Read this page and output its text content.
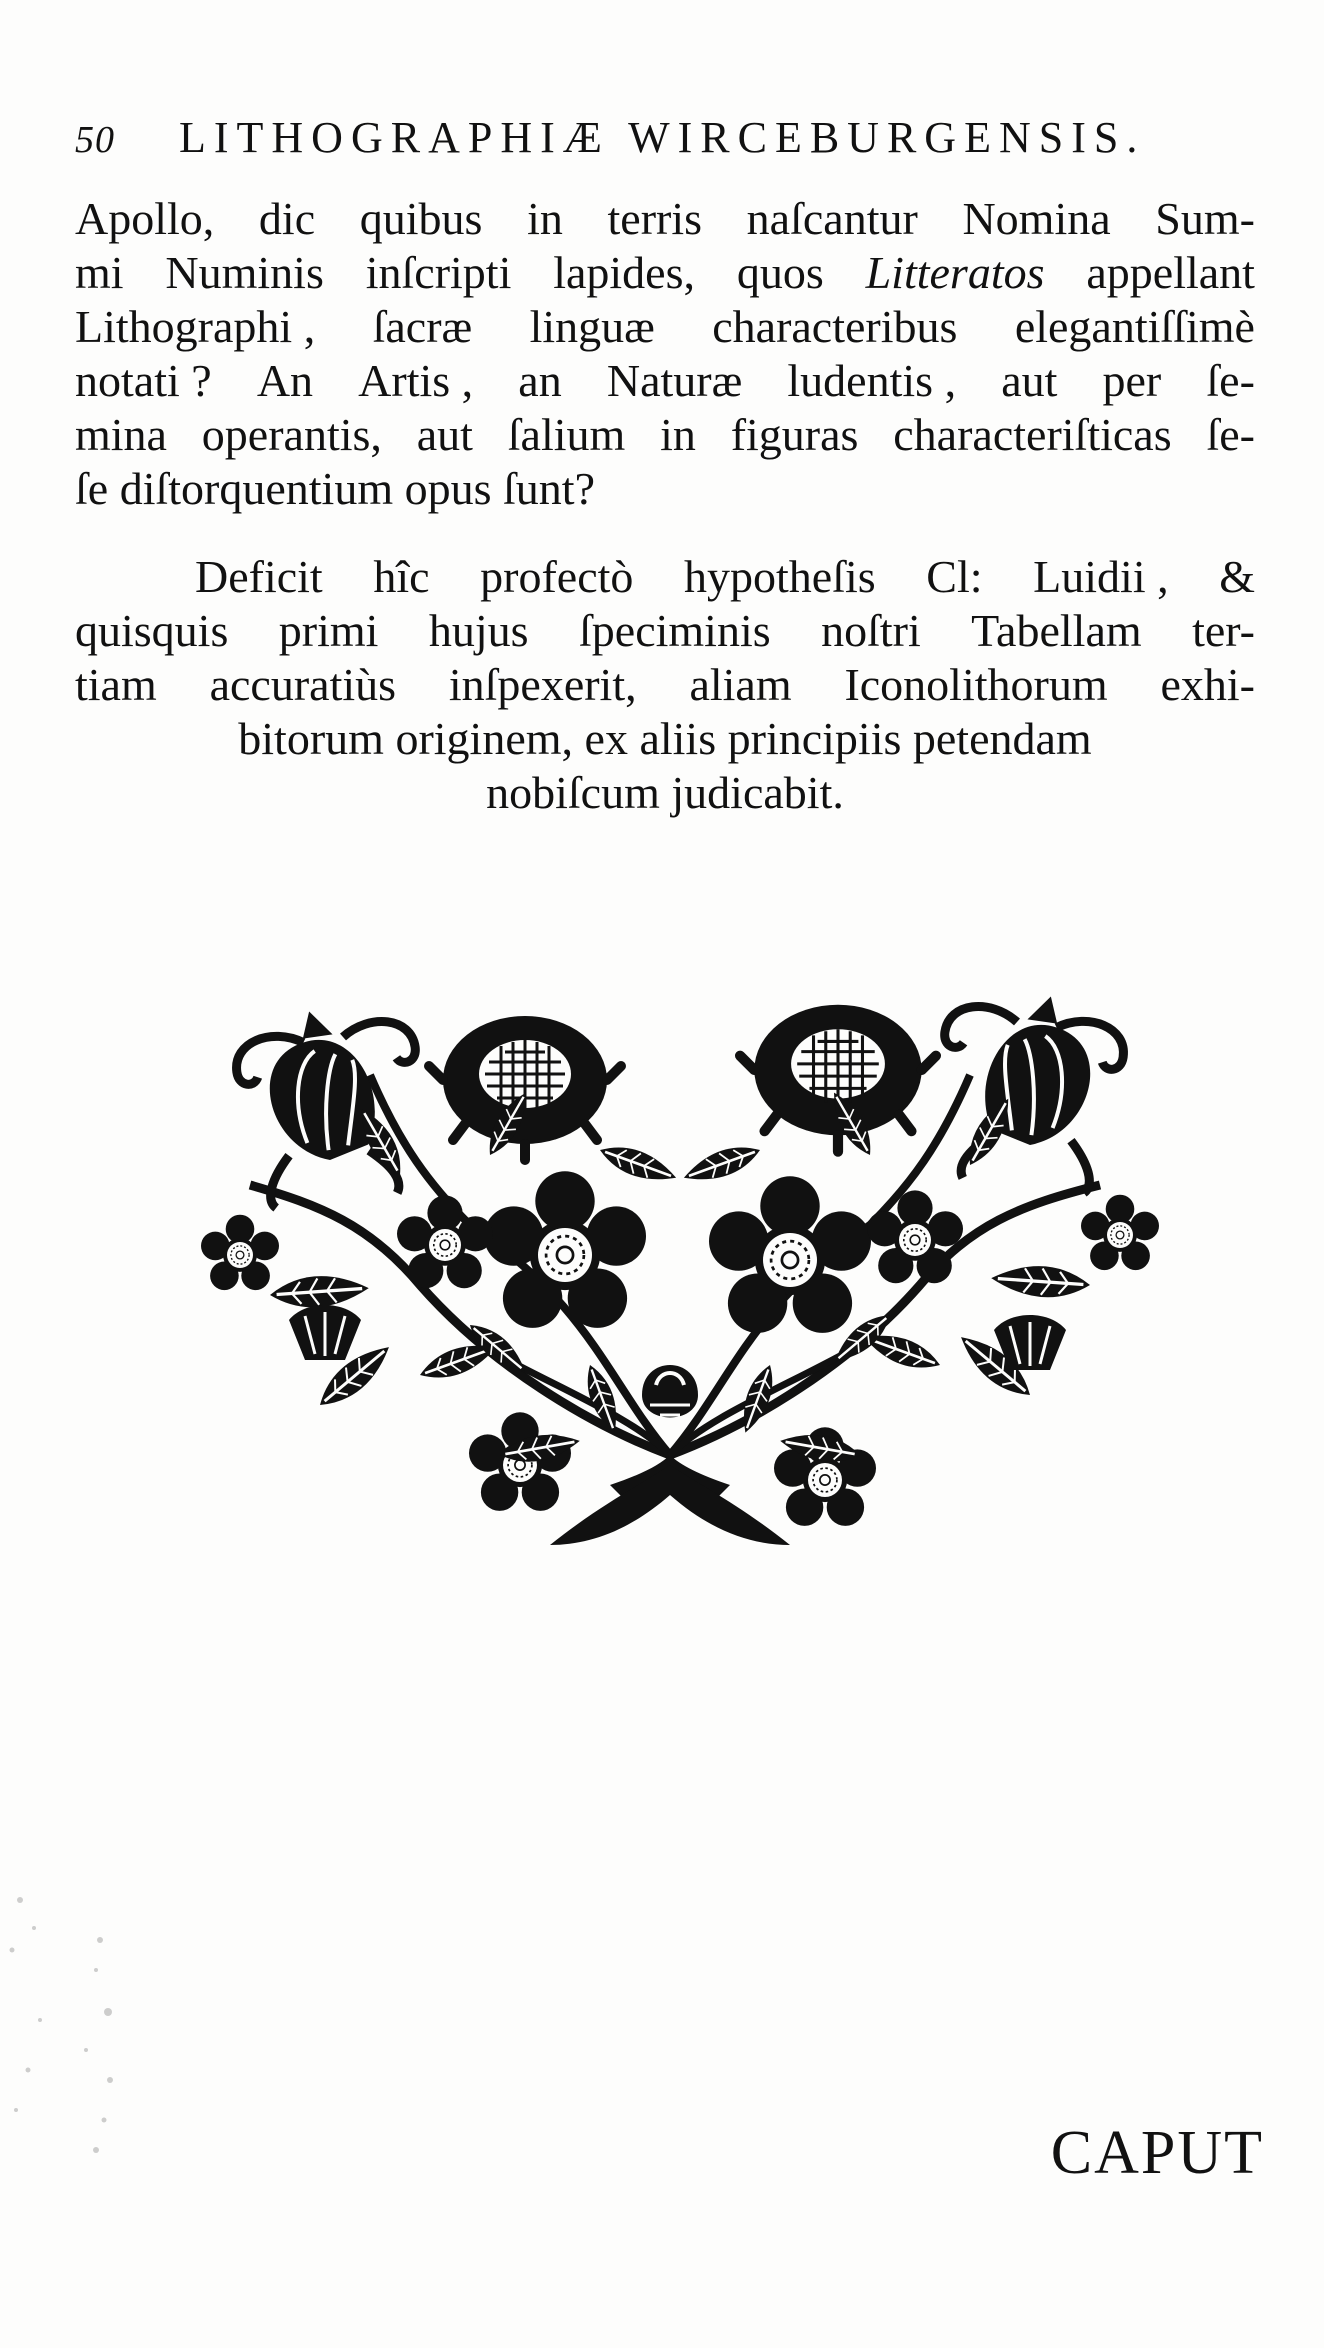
50	LITHOGRAPHIÆ WIRCEBURGENSIS.
Apollo, dic quibus in terris naſcantur Nomina Sum-
mi Numinis inſcripti lapides, quos Litteratos appellant
Lithographi , ſacræ linguæ characteribus elegantiſſimè
notati ? An Artis , an Naturæ ludentis , aut per ſe-
mina operantis, aut ſalium in figuras characteriſticas ſe-
ſe
diſtorquentium
opus
ſunt?
Deficit hîc profectò hypotheſis Cl: Luidii , &
quisquis primi hujus ſpeciminis noſtri Tabellam ter-
tiam accuratiùs inſpexerit, aliam Iconolithorum exhi-
bitorum
originem,
ex
aliis
principiis
petendam
nobiſcum
judicabit.
CAPUT
